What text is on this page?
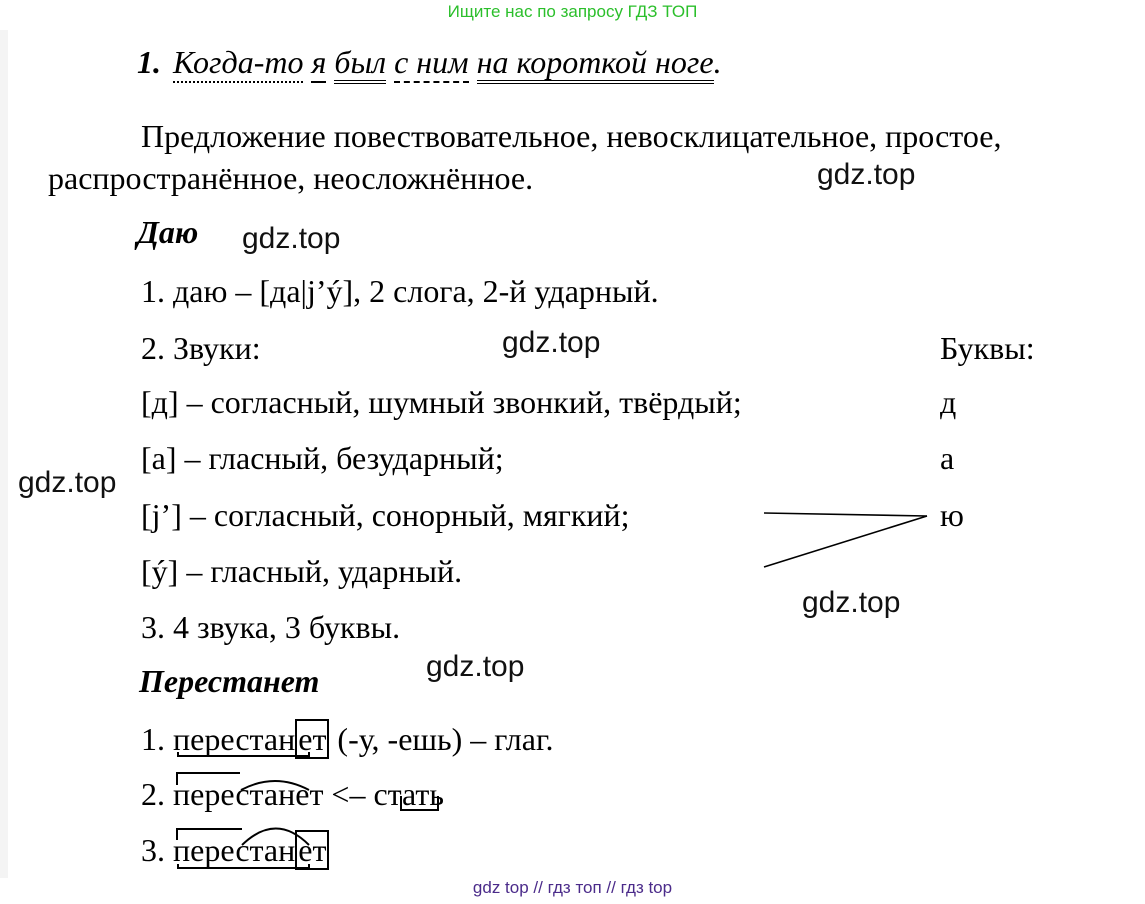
Ищите нас по запросу ГДЗ ТОП
1. Когда-то я был с ним на короткой ноге.
Предложение повествовательное, невосклицательное, простое,
распространённое, неосложнённое.
Даю
1. даю – [да|j’ý], 2 слога, 2-й ударный.
2. Звуки:	Буквы:
[д] – согласный, шумный звонкий, твёрдый;	д
[а] – гласный, безударный;	а
[j’] – согласный, сонорный, мягкий;	ю
[ý] – гласный, ударный.
3. 4 звука, 3 буквы.
Перестанет
1. перестанет (-у, -ешь) – глаг.
2. перестанет <– стать
3. перестанет
gdz.top
gdz.top
gdz.top
gdz.top
gdz.top
gdz.top
gdz top // гдз топ // гдз top
